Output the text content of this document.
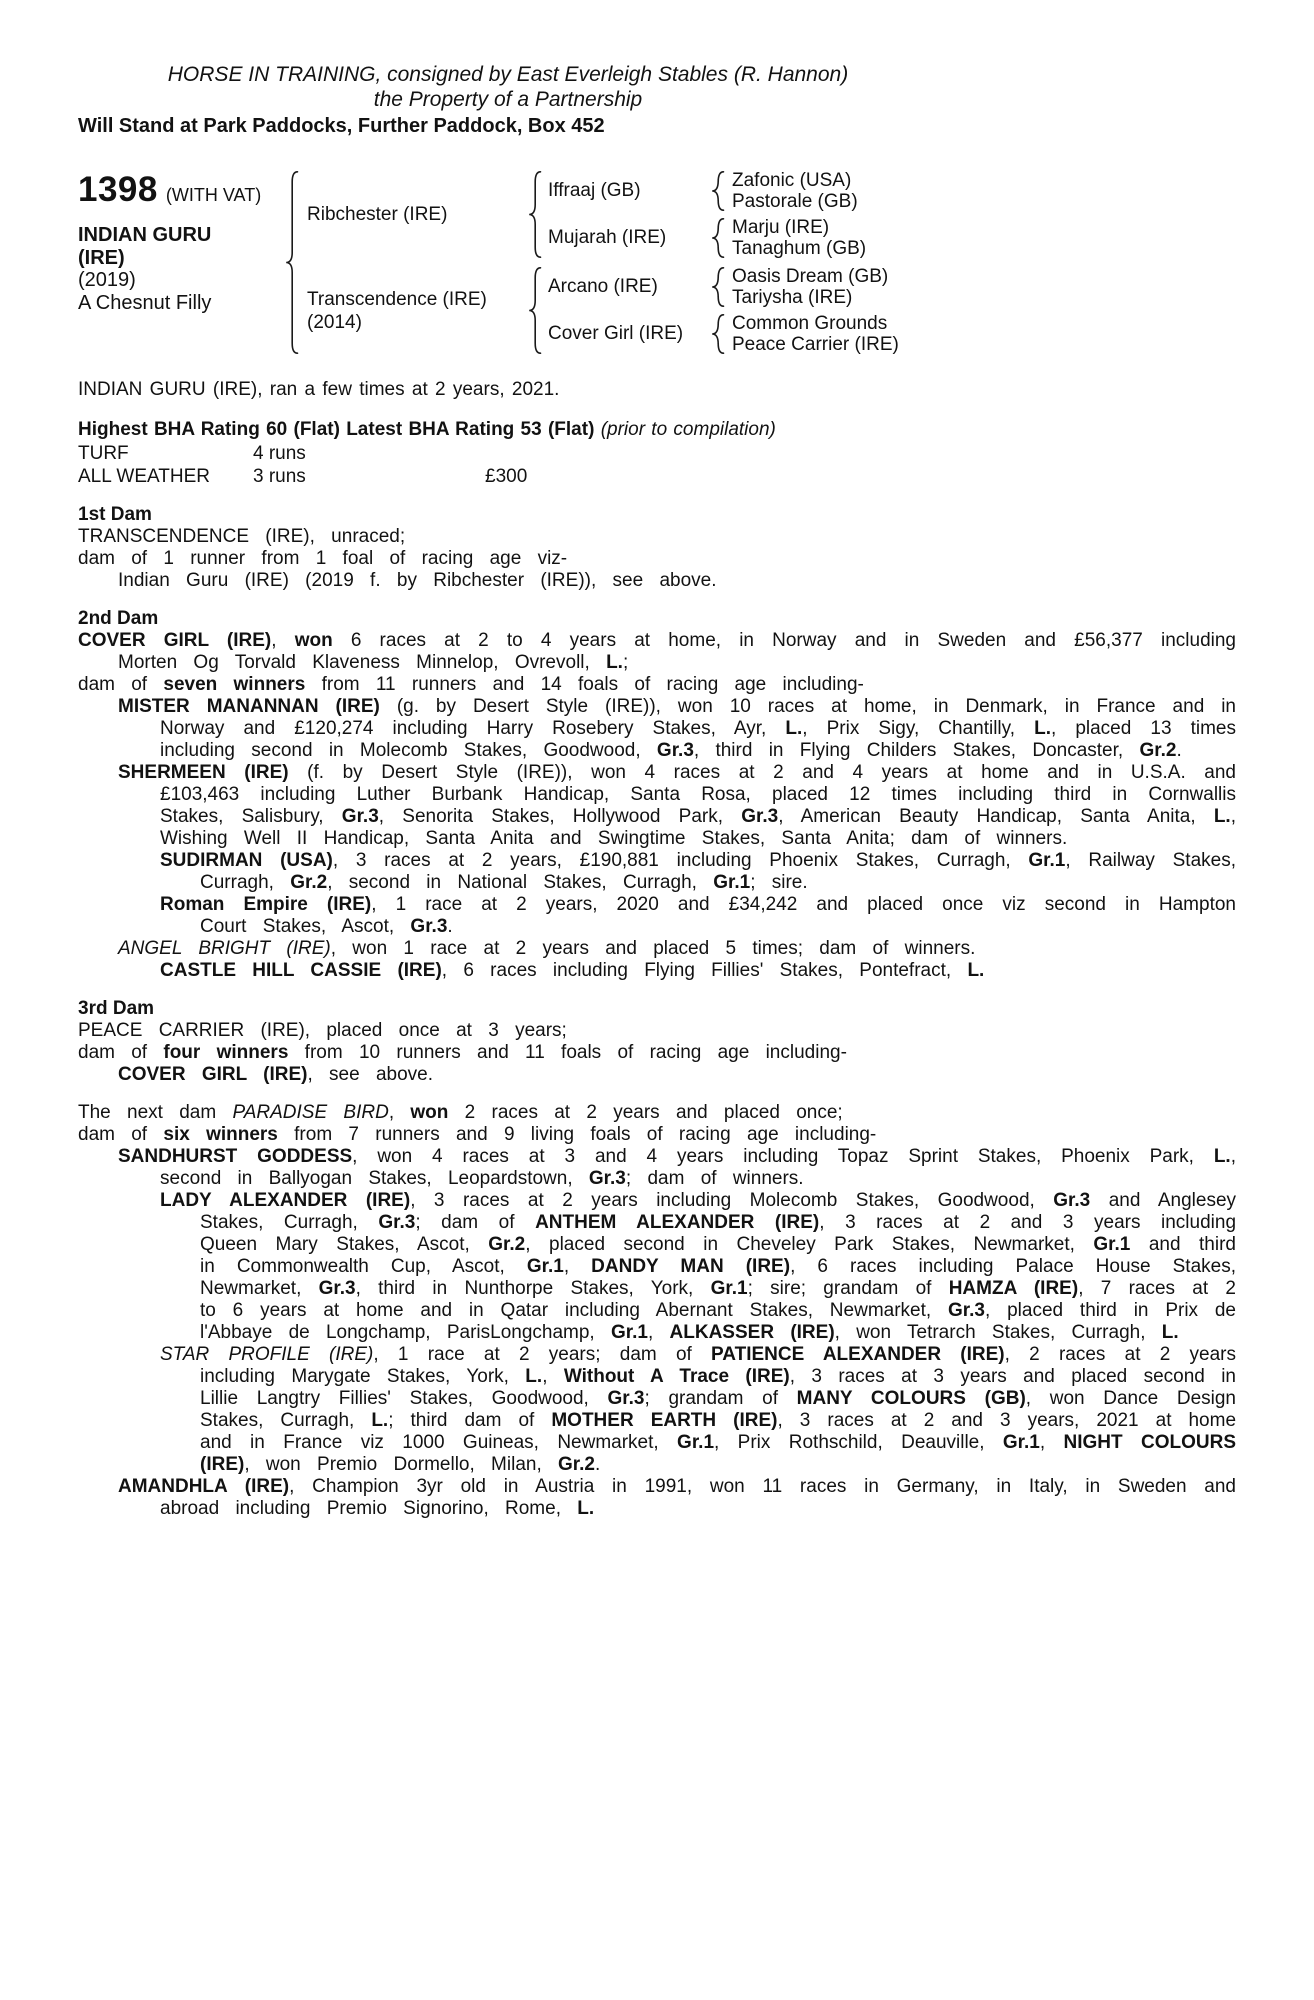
HORSE IN TRAINING, consigned by East Everleigh Stables (R. Hannon)
the Property of a Partnership
Will Stand at Park Paddocks, Further Paddock, Box 452
1398 (WITH VAT)
INDIAN GURU
(IRE)
(2019)
A Chesnut Filly
Ribchester (IRE)
Iffraaj (GB)	Zafonic (USA)
Pastorale (GB)
Mujarah (IRE)	Marju (IRE)
Tanaghum (GB)
Transcendence (IRE)
(2014)
Arcano (IRE)	Oasis Dream (GB)
Tariysha (IRE)
Cover Girl (IRE)	Common Grounds
Peace Carrier (IRE)
INDIAN GURU (IRE), ran a few times at 2 years, 2021.
Highest BHA Rating 60 (Flat) Latest BHA Rating 53 (Flat) (prior to compilation)
TURF	4 runs
ALL WEATHER	3 runs	£300
1st Dam
TRANSCENDENCE (IRE), unraced;
dam of 1 runner from 1 foal of racing age viz-
Indian Guru (IRE) (2019 f. by Ribchester (IRE)), see above.
2nd Dam
COVER GIRL (IRE), won 6 races at 2 to 4 years at home, in Norway and in Sweden and £56,377 including Morten Og Torvald Klaveness Minnelop, Ovrevoll, L.;
dam of seven winners from 11 runners and 14 foals of racing age including-
MISTER MANANNAN (IRE) (g. by Desert Style (IRE)), won 10 races at home, in Denmark, in France and in Norway and £120,274 including Harry Rosebery Stakes, Ayr, L., Prix Sigy, Chantilly, L., placed 13 times including second in Molecomb Stakes, Goodwood, Gr.3, third in Flying Childers Stakes, Doncaster, Gr.2.
SHERMEEN (IRE) (f. by Desert Style (IRE)), won 4 races at 2 and 4 years at home and in U.S.A. and £103,463 including Luther Burbank Handicap, Santa Rosa, placed 12 times including third in Cornwallis Stakes, Salisbury, Gr.3, Senorita Stakes, Hollywood Park, Gr.3, American Beauty Handicap, Santa Anita, L., Wishing Well II Handicap, Santa Anita and Swingtime Stakes, Santa Anita; dam of winners.
SUDIRMAN (USA), 3 races at 2 years, £190,881 including Phoenix Stakes, Curragh, Gr.1, Railway Stakes, Curragh, Gr.2, second in National Stakes, Curragh, Gr.1; sire.
Roman Empire (IRE), 1 race at 2 years, 2020 and £34,242 and placed once viz second in Hampton Court Stakes, Ascot, Gr.3.
ANGEL BRIGHT (IRE), won 1 race at 2 years and placed 5 times; dam of winners.
CASTLE HILL CASSIE (IRE), 6 races including Flying Fillies' Stakes, Pontefract, L.
3rd Dam
PEACE CARRIER (IRE), placed once at 3 years;
dam of four winners from 10 runners and 11 foals of racing age including-
COVER GIRL (IRE), see above.
The next dam PARADISE BIRD, won 2 races at 2 years and placed once;
dam of six winners from 7 runners and 9 living foals of racing age including-
SANDHURST GODDESS, won 4 races at 3 and 4 years including Topaz Sprint Stakes, Phoenix Park, L., second in Ballyogan Stakes, Leopardstown, Gr.3; dam of winners.
LADY ALEXANDER (IRE), 3 races at 2 years including Molecomb Stakes, Goodwood, Gr.3 and Anglesey Stakes, Curragh, Gr.3; dam of ANTHEM ALEXANDER (IRE), 3 races at 2 and 3 years including Queen Mary Stakes, Ascot, Gr.2, placed second in Cheveley Park Stakes, Newmarket, Gr.1 and third in Commonwealth Cup, Ascot, Gr.1, DANDY MAN (IRE), 6 races including Palace House Stakes, Newmarket, Gr.3, third in Nunthorpe Stakes, York, Gr.1; sire; grandam of HAMZA (IRE), 7 races at 2 to 6 years at home and in Qatar including Abernant Stakes, Newmarket, Gr.3, placed third in Prix de l'Abbaye de Longchamp, ParisLongchamp, Gr.1, ALKASSER (IRE), won Tetrarch Stakes, Curragh, L.
STAR PROFILE (IRE), 1 race at 2 years; dam of PATIENCE ALEXANDER (IRE), 2 races at 2 years including Marygate Stakes, York, L., Without A Trace (IRE), 3 races at 3 years and placed second in Lillie Langtry Fillies' Stakes, Goodwood, Gr.3; grandam of MANY COLOURS (GB), won Dance Design Stakes, Curragh, L.; third dam of MOTHER EARTH (IRE), 3 races at 2 and 3 years, 2021 at home and in France viz 1000 Guineas, Newmarket, Gr.1, Prix Rothschild, Deauville, Gr.1, NIGHT COLOURS (IRE), won Premio Dormello, Milan, Gr.2.
AMANDHLA (IRE), Champion 3yr old in Austria in 1991, won 11 races in Germany, in Italy, in Sweden and abroad including Premio Signorino, Rome, L.
